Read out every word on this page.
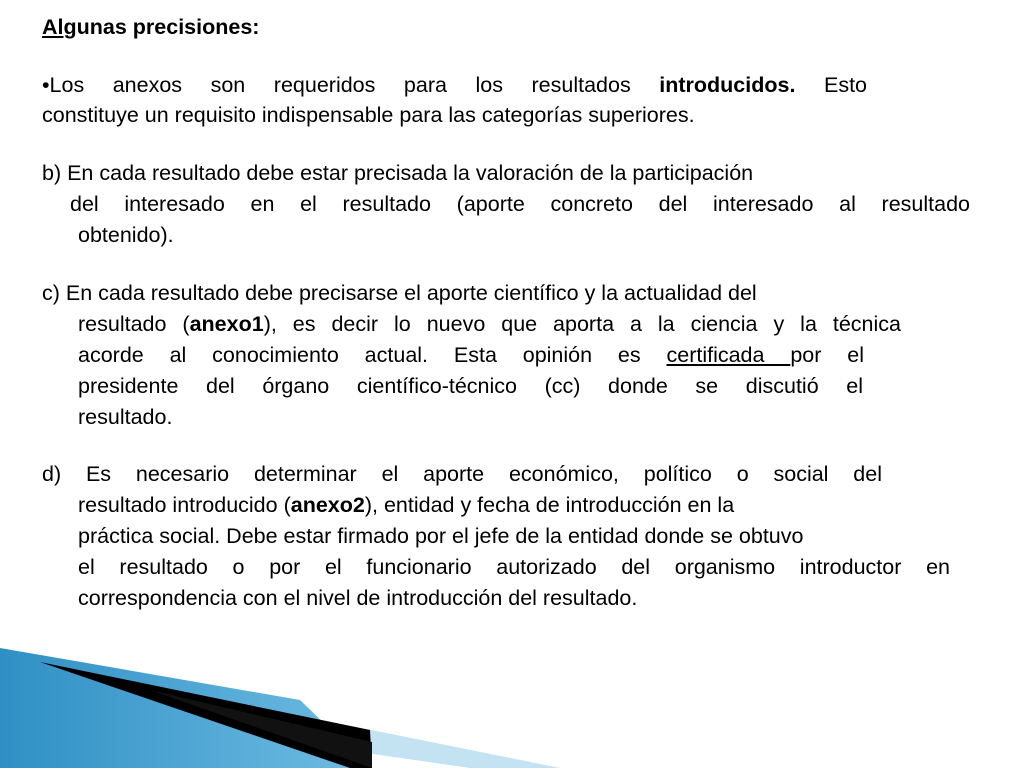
Algunas precisiones:
•Los anexos son requeridos para los resultados introducidos. Esto
constituye un requisito indispensable para las categorías superiores.
b) En cada resultado debe estar precisada la valoración de la participación
del interesado en el resultado (aporte concreto del interesado al resultado
obtenido).
c) En cada resultado debe precisarse el aporte científico y la actualidad del
resultado (anexo1), es decir lo nuevo que aporta a la ciencia y la técnica
acorde al conocimiento actual. Esta opinión es certificada por el
presidente del órgano científico-técnico (cc) donde se discutió el
resultado.
d) Es necesario determinar el aporte económico, político o social del
resultado introducido (anexo2), entidad y fecha de introducción en la
práctica social. Debe estar firmado por el jefe de la entidad donde se obtuvo
el resultado o por el funcionario autorizado del organismo introductor en
correspondencia con el nivel de introducción del resultado.
